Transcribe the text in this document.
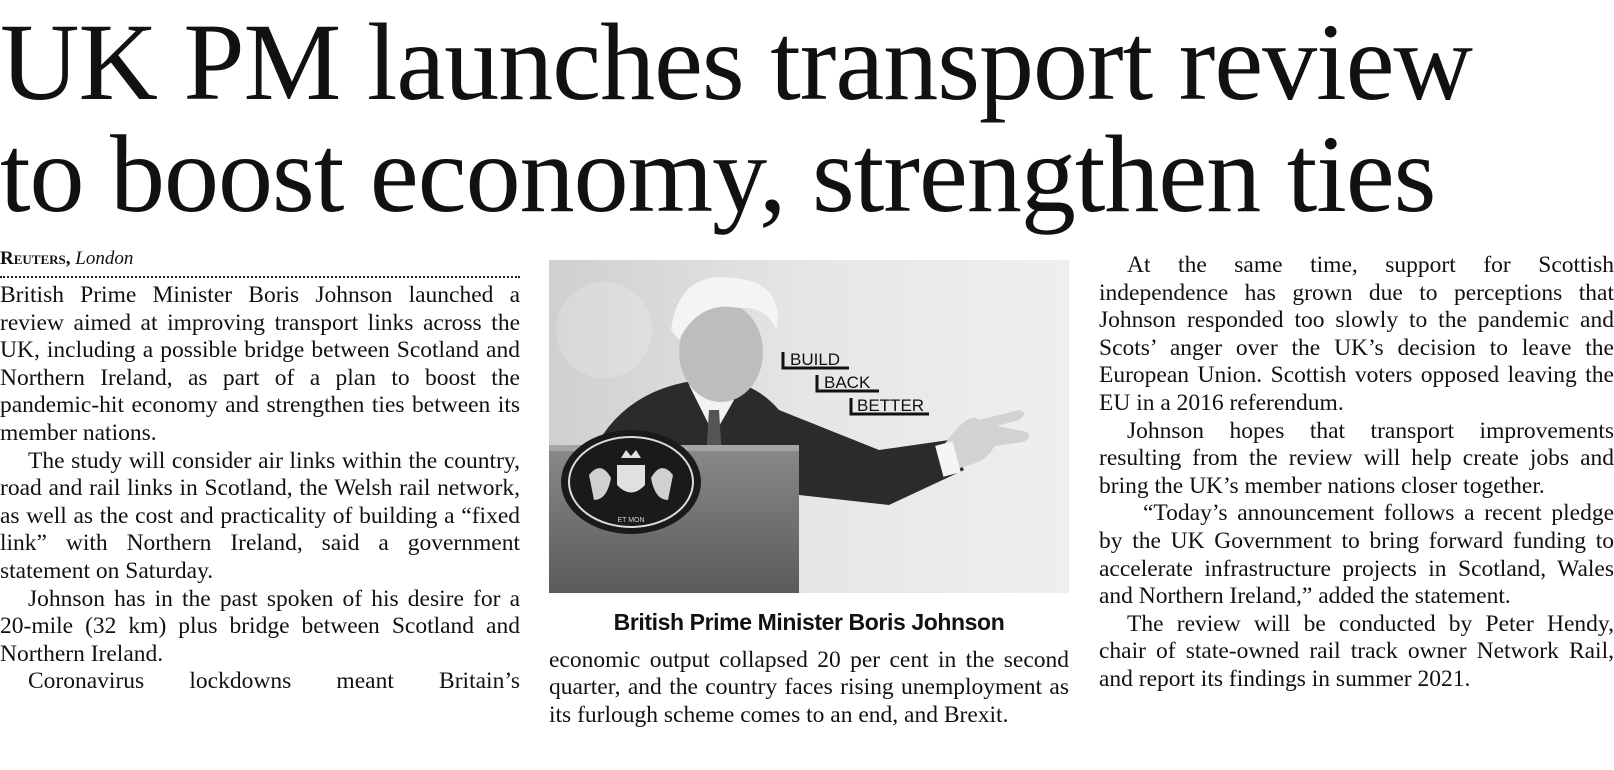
UK PM launches transport review
to boost economy, strengthen ties
Reuters, London

British Prime Minister Boris Johnson launched a review aimed at improving transport links across the UK, including a possible bridge between Scotland and Northern Ireland, as part of a plan to boost the pandemic-hit economy and strengthen ties between its member nations.

The study will consider air links within the country, road and rail links in Scotland, the Welsh rail network, as well as the cost and practicality of building a “fixed link” with Northern Ireland, said a government statement on Saturday.

Johnson has in the past spoken of his desire for a 20-mile (32 km) plus bridge between Scotland and Northern Ireland.

Coronavirus lockdowns meant Britain’s

ET MON
BUILD
BACK
BETTER
British Prime Minister Boris Johnson

economic output collapsed 20 per cent in the second quarter, and the country faces rising unemployment as its furlough scheme comes to an end, and Brexit.

At the same time, support for Scottish independence has grown due to perceptions that Johnson responded too slowly to the pandemic and Scots’ anger over the UK’s decision to leave the European Union. Scottish voters opposed leaving the EU in a 2016 referendum.

Johnson hopes that transport improvements resulting from the review will help create jobs and bring the UK’s member nations closer together.

“Today’s announcement follows a recent pledge by the UK Government to bring forward funding to accelerate infrastructure projects in Scotland, Wales and Northern Ireland,” added the statement.

The review will be conducted by Peter Hendy, chair of state-owned rail track owner Network Rail, and report its findings in summer 2021.
